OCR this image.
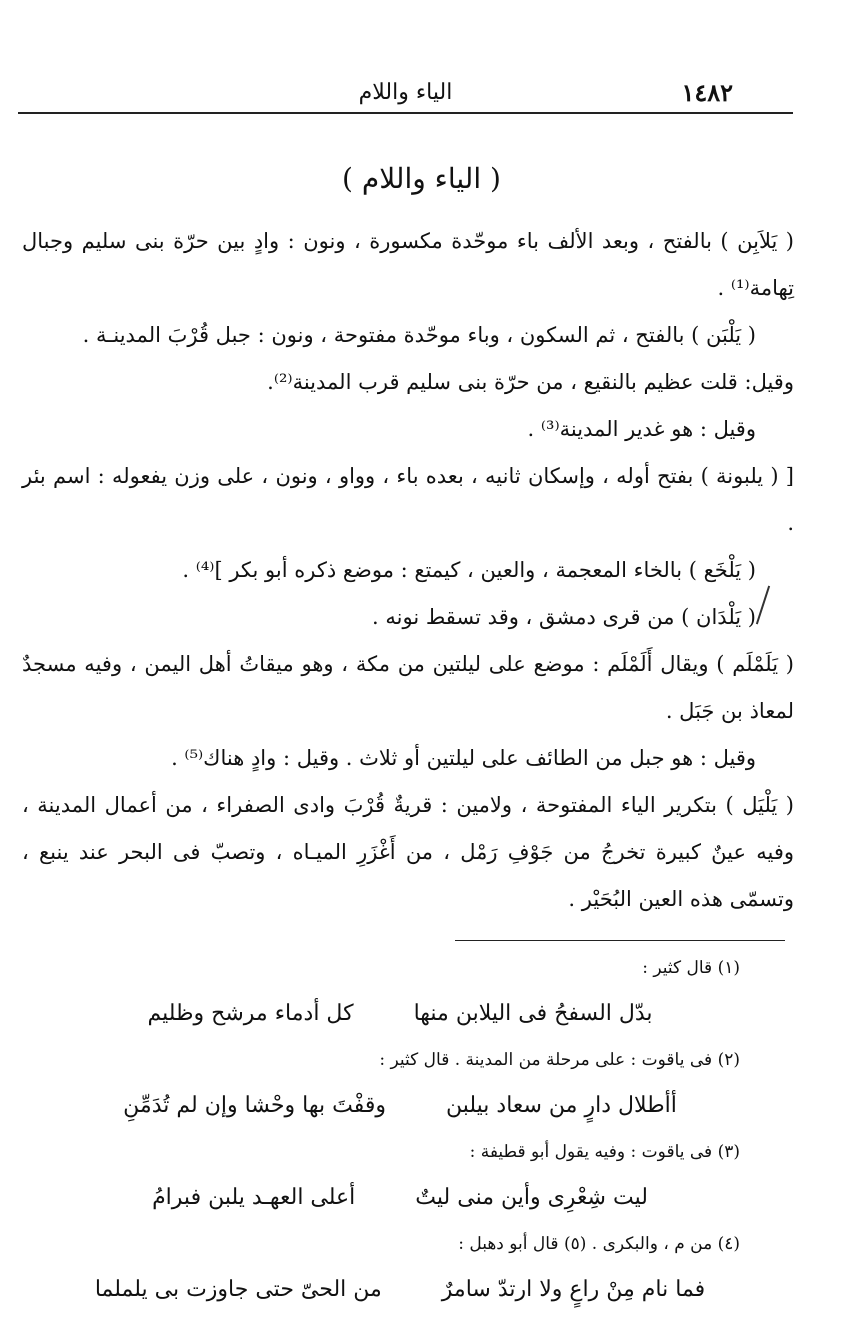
١٤٨٢
الياء واللام
( الياء واللام )

( يَلاَبِن ) بالفتح ، وبعد الألف باء موحّدة مكسورة ، ونون : وادٍ بين حرّة بنى سليم وجبال تِهامة⁽¹⁾ .

( يَلْبَن ) بالفتح ، ثم السكون ، وباء موحّدة مفتوحة ، ونون : جبل قُرْبَ المدينـة .

وقيل: قلت عظيم بالنقيع ، من حرّة بنى سليم قرب المدينة⁽²⁾.

وقيل : هو غدير المدينة⁽³⁾ .

[ ( يلبونة ) بفتح أوله ، وإسكان ثانيه ، بعده باء ، وواو ، ونون ، على وزن يفعوله : اسم بئر .

( يَلْخَع ) بالخاء المعجمة ، والعين ، كيمتع : موضع ذكره أبو بكر ]⁽⁴⁾ .

( يَلْدَان ) من قرى دمشق ، وقد تسقط نونه .

( يَلَمْلَم ) ويقال أَلَمْلَم : موضع على ليلتين من مكة ، وهو ميقاتُ أهل اليمن ، وفيه مسجدٌ لمعاذ بن جَبَل .

وقيل : هو جبل من الطائف على ليلتين أو ثلاث . وقيل : وادٍ هناك⁽⁵⁾ .

( يَلْيَل ) بتكرير الياء المفتوحة ، ولامين : قريةٌ قُرْبَ وادى الصفراء ، من أعمال المدينة ، وفيه عينٌ كبيرة تخرجُ من جَوْفِ رَمْل ، من أَغْزَرِ الميـاه ، وتصبّ فى البحر عند ينبع ، وتسمّى هذه العين البُحَيْر .

(١) قال كثير :
بدّل السفحُ فى اليلابن منها
كل أدماء مرشح وظليم
(٢) فى ياقوت : على ‌مرحلة من المدينة . قال كثير :
أأطلال دارٍ من سعاد بيلبن
وقفْتَ بها وحْشا وإن لم تُدَمِّنِ
(٣) فى ياقوت : وفيه يقول أبو قطيفة :
ليت شِعْرِى وأين منى ليتٌ
أعلى العهـد يلبن فبرامُ
(٤) من م ، والبكرى . (٥) قال أبو دهبل :
فما نام مِنْ راعٍ ولا ارتدّ سامرٌ
من الحىّ حتى جاوزت بى يلملما
